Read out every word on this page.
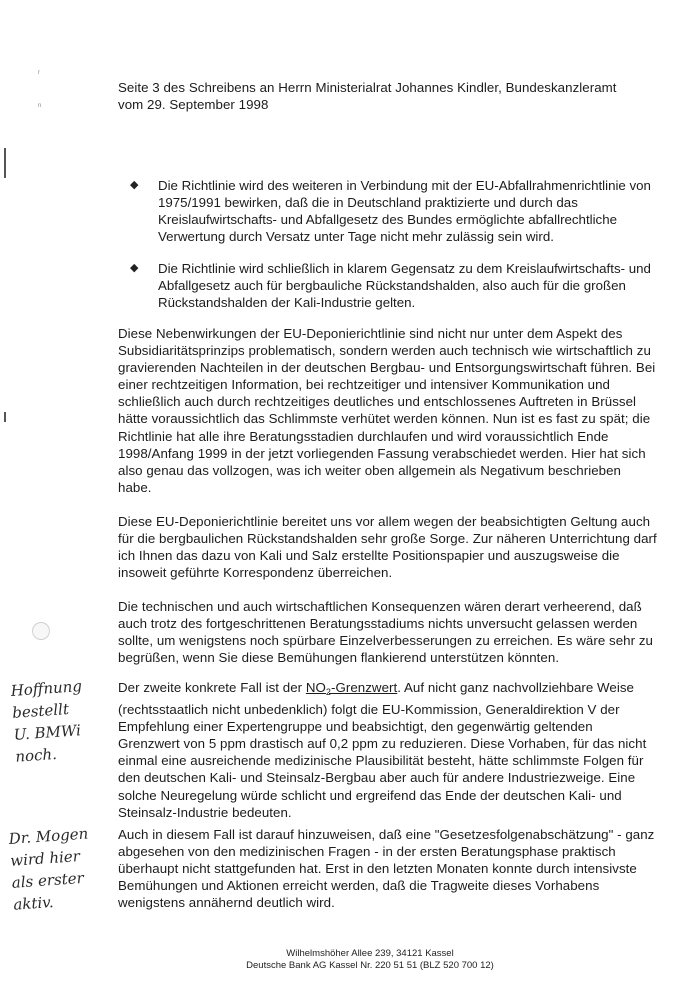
r
n
Seite 3 des Schreibens an Herrn Ministerialrat Johannes Kindler, Bundeskanzleramt
vom 29. September 1998
◆ Die Richtlinie wird des weiteren in Verbindung mit der EU-Abfallrahmenrichtlinie von 1975/1991 bewirken, daß die in Deutschland praktizierte und durch das Kreislaufwirtschafts- und Abfallgesetz des Bundes ermöglichte abfallrechtliche Verwertung durch Versatz unter Tage nicht mehr zulässig sein wird.
◆ Die Richtlinie wird schließlich in klarem Gegensatz zu dem Kreislaufwirtschafts- und Abfallgesetz auch für bergbauliche Rückstandshalden, also auch für die großen Rückstandshalden der Kali-Industrie gelten.
Diese Nebenwirkungen der EU-Deponierichtlinie sind nicht nur unter dem Aspekt des Subsidiaritätsprinzips problematisch, sondern werden auch technisch wie wirtschaftlich zu gravierenden Nachteilen in der deutschen Bergbau- und Entsorgungswirtschaft führen. Bei einer rechtzeitigen Information, bei rechtzeitiger und intensiver Kommunikation und schließlich auch durch rechtzeitiges deutliches und entschlossenes Auftreten in Brüssel hätte voraussichtlich das Schlimmste verhütet werden können. Nun ist es fast zu spät; die Richtlinie hat alle ihre Beratungsstadien durchlaufen und wird voraussichtlich Ende 1998/Anfang 1999 in der jetzt vorliegenden Fassung verabschiedet werden. Hier hat sich also genau das vollzogen, was ich weiter oben allgemein als Negativum beschrieben habe.
Diese EU-Deponierichtlinie bereitet uns vor allem wegen der beabsichtigten Geltung auch für die bergbaulichen Rückstandshalden sehr große Sorge. Zur näheren Unterrichtung darf ich Ihnen das dazu von Kali und Salz erstellte Positionspapier und auszugsweise die insoweit geführte Korrespondenz überreichen.
Die technischen und auch wirtschaftlichen Konsequenzen wären derart verheerend, daß auch trotz des fortgeschrittenen Beratungsstadiums nichts unversucht gelassen werden sollte, um wenigstens noch spürbare Einzelverbesserungen zu erreichen. Es wäre sehr zu begrüßen, wenn Sie diese Bemühungen flankierend unterstützen könnten.
Der zweite konkrete Fall ist der $NO_2$-Grenzwert. Auf nicht ganz nachvollziehbare Weise (rechtsstaatlich nicht unbedenklich) folgt die EU-Kommission, Generaldirektion V der Empfehlung einer Expertengruppe und beabsichtigt, den gegenwärtig geltenden Grenzwert von 5 ppm drastisch auf 0,2 ppm zu reduzieren. Diese Vorhaben, für das nicht einmal eine ausreichende medizinische Plausibilität besteht, hätte schlimmste Folgen für den deutschen Kali- und Steinsalz-Bergbau aber auch für andere Industriezweige. Eine solche Neuregelung würde schlicht und ergreifend das Ende der deutschen Kali- und Steinsalz-Industrie bedeuten.
Auch in diesem Fall ist darauf hinzuweisen, daß eine "Gesetzesfolgenabschätzung" - ganz abgesehen von den medizinischen Fragen - in der ersten Beratungsphase praktisch überhaupt nicht stattgefunden hat. Erst in den letzten Monaten konnte durch intensivste Bemühungen und Aktionen erreicht werden, daß die Tragweite dieses Vorhabens wenigstens annähernd deutlich wird.
Hoffnung
bestellt
U. BMWi
noch.
Dr. Mogen
wird hier
als erster
aktiv.
Wilhelmshöher Allee 239, 34121 Kassel
Deutsche Bank AG Kassel Nr. 220 51 51 (BLZ 520 700 12)
